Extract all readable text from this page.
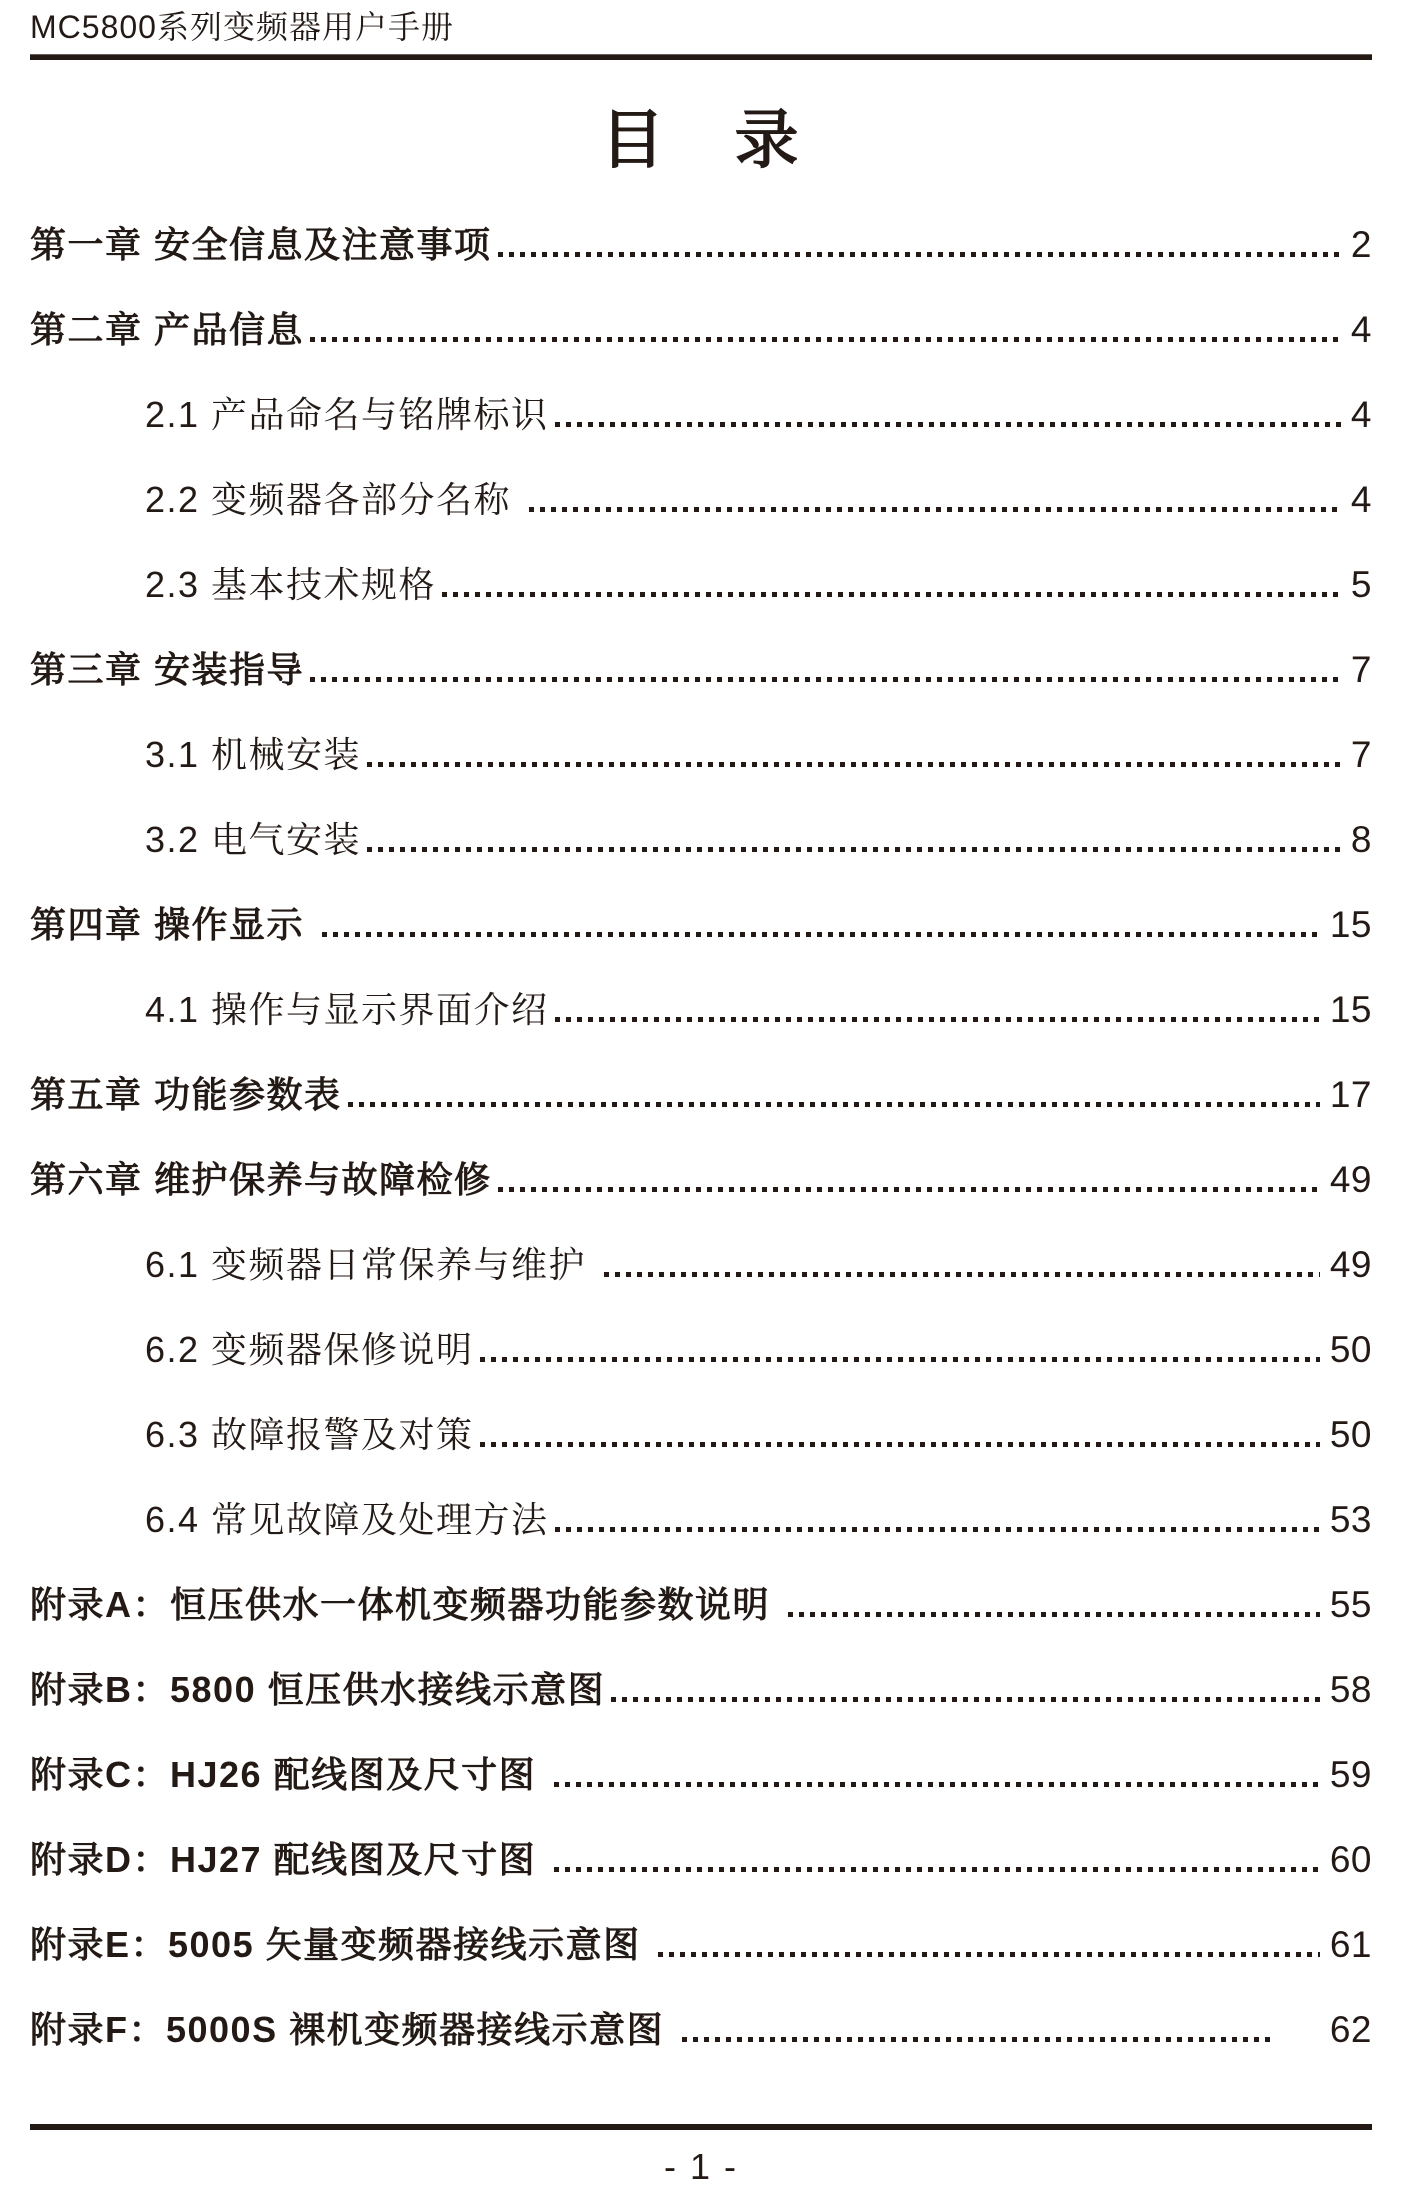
MC5800系列变频器用户手册
目　录
第一章 安全信息及注意事项	2
第二章 产品信息	4
2.1 产品命名与铭牌标识	4
2.2 变频器各部分名称	4
2.3 基本技术规格	5
第三章 安装指导	7
3.1 机械安装	7
3.2 电气安装	8
第四章 操作显示	15
4.1 操作与显示界面介绍	15
第五章 功能参数表	17
第六章 维护保养与故障检修	49
6.1 变频器日常保养与维护	49
6.2 变频器保修说明	50
6.3 故障报警及对策	50
6.4 常见故障及处理方法	53
附录A：恒压供水一体机变频器功能参数说明	55
附录B：5800 恒压供水接线示意图	58
附录C：HJ26 配线图及尺寸图	59
附录D：HJ27 配线图及尺寸图	60
附录E：5005 矢量变频器接线示意图	61
附录F：5000S 裸机变频器接线示意图	62
- 1 -
